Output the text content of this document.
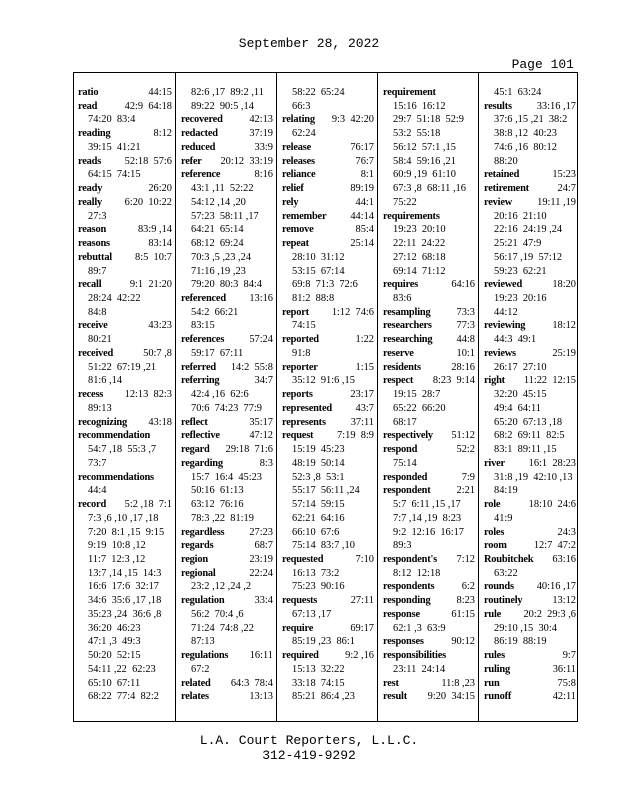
September 28, 2022
Page 101
ratio	44:15
read	42:9  64:18
74:20  83:4
reading	8:12
39:15  41:21
reads 52:18  57:6
64:15  74:15
ready	26:20
really 6:20  10:22
27:3
reason	83:9 ,14
reasons	83:14
rebuttal 8:5  10:7
89:7
recall	9:1  21:20
28:24  42:22
84:8
receive	43:23
80:21
received	50:7 ,8
51:22  67:19 ,21
81:6 ,14
recess 12:13  82:3
89:13
recognizing 43:18
recommendation
54:7 ,18  55:3 ,7
73:7
recommendations
44:4
record 5:2 ,18  7:1
7:3 ,6 ,10 ,17 ,18
7:20  8:1 ,15  9:15
9:19  10:8 ,12
11:7  12:3 ,12
13:7 ,14 ,15  14:3
16:6  17:6  32:17
34:6  35:6 ,17 ,18
35:23 ,24  36:6 ,8
36:20  46:23
47:1 ,3  49:3
50:20  52:15
54:11 ,22  62:23
65:10  67:11
68:22  77:4  82:2
82:6 ,17  89:2 ,11
89:22  90:5 ,14
recovered	42:13
redacted	37:19
reduced	33:9
refer 20:12  33:19
reference	8:16
43:1 ,11  52:22
54:12 ,14 ,20
57:23  58:11 ,17
64:21  65:14
68:12  69:24
70:3 ,5 ,23 ,24
71:16 ,19 ,23
79:20  80:3  84:4
referenced 13:16
54:2  66:21
83:15
references 57:24
59:17  67:11
referred 14:2  55:8
referring	34:7
42:4 ,16  62:6
70:6  74:23  77:9
reflect	35:17
reflective	47:12
regard 29:18  71:6
regarding	8:3
15:7  16:4  45:23
50:16  61:13
63:12  76:16
78:3 ,22  81:19
regardless 27:23
regards	68:7
region	23:19
regional	22:24
23:2 ,12 ,24 ,2
regulation	33:4
56:2  70:4 ,6
71:24  74:8 ,22
87:13
regulations 16:11
67:2
related 64:3  78:4
relates	13:13
58:22  65:24
66:3
relating 9:3  42:20
62:24
release	76:17
releases	76:7
reliance	8:1
relief	89:19
rely	44:1
remember 44:14
remove	85:4
repeat	25:14
28:10  31:12
53:15  67:14
69:8  71:3  72:6
81:2  88:8
report 1:12  74:6
74:15
reported	1:22
91:8
reporter	1:15
35:12  91:6 ,15
reports	23:17
represented 43:7
represents 37:11
request 7:19  8:9
15:19  45:23
48:19  50:14
52:3 ,8  53:1
55:17  56:11 ,24
57:14  59:15
62:21  64:16
66:10  67:6
75:14  83:7 ,10
requested	7:10
16:13  73:2
75:23  90:16
requests	27:11
67:13 ,17
require	69:17
85:19 ,23  86:1
required	9:2 ,16
15:13  32:22
33:18  74:15
85:21  86:4 ,23
requirement
15:16  16:12
29:7  51:18  52:9
53:2  55:18
56:12  57:1 ,15
58:4  59:16 ,21
60:9 ,19  61:10
67:3 ,8  68:11 ,16
75:22
requirements
19:23  20:10
22:11  24:22
27:12  68:18
69:14  71:12
requires	64:16
83:6
resampling	73:3
researchers 77:3
researching 44:8
reserve	10:1
residents	28:16
respect 8:23  9:14
19:15  28:7
65:22  66:20
68:17
respectively 51:12
respond	52:2
75:14
responded	7:9
respondent	2:21
5:7  6:11 ,15 ,17
7:7 ,14 ,19  8:23
9:2  12:16  16:17
89:3
respondent's 7:12
8:12  12:18
respondents	6:2
responding	8:23
response	61:15
62:1 ,3  63:9
responses	90:12
responsibilities
23:11  24:14
rest	11:8 ,23
result 9:20  34:15
45:1  63:24
results 33:16 ,17
37:6 ,15 ,21  38:2
38:8 ,12  40:23
74:6 ,16  80:12
88:20
retained	15:23
retirement	24:7
review 19:11 ,19
20:16  21:10
22:16  24:19 ,24
25:21  47:9
56:17 ,19  57:12
59:23  62:21
reviewed	18:20
19:23  20:16
44:12
reviewing	18:12
44:3  49:1
reviews	25:19
26:17  27:10
right 11:22  12:15
32:20  45:15
49:4  64:11
65:20  67:13 ,18
68:2  69:11  82:5
83:1  89:11 ,15
river 16:1  28:23
31:8 ,19  42:10 ,13
84:19
role	18:10  24:6
41:9
roles	24:3
room	12:7  47:2
Roubitchek 63:16
63:22
rounds 40:16 ,17
routinely	13:12
rule 20:2  29:3 ,6
29:10 ,15  30:4
86:19  88:19
rules	9:7
ruling	36:11
run	75:8
runoff	42:11
L.A. Court Reporters, L.L.C.
312-419-9292
